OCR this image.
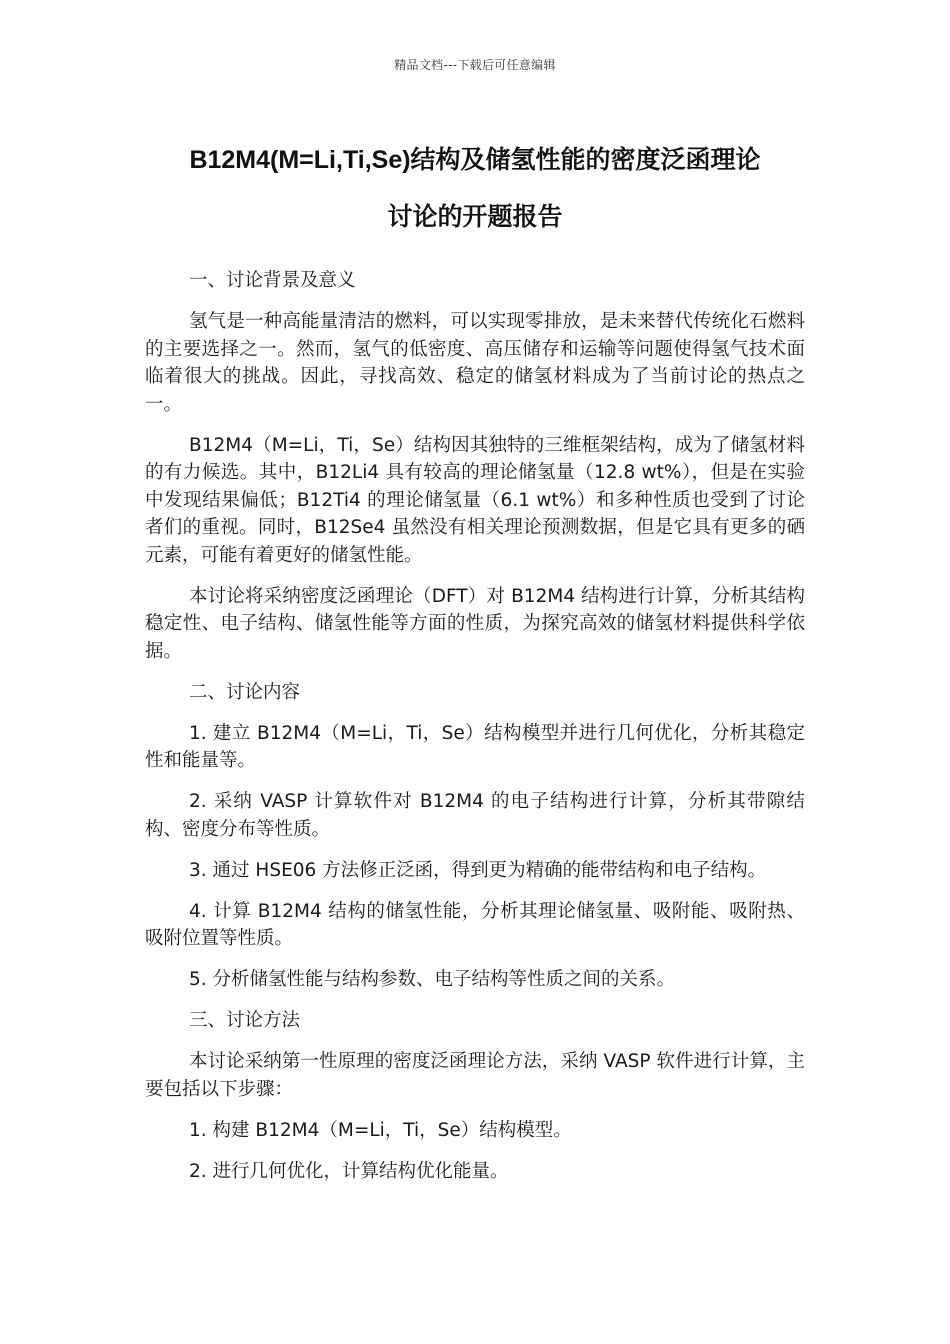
精品文档---下载后可任意编辑
B12M4(M=Li,Ti,Se)结构及储氢性能的密度泛函理论
讨论的开题报告

一、讨论背景及意义

氢气是一种高能量清洁的燃料，可以实现零排放，是未来替代传统化石燃料的主要选择之一。然而，氢气的低密度、高压储存和运输等问题使得氢气技术面临着很大的挑战。因此，寻找高效、稳定的储氢材料成为了当前讨论的热点之一。

B12M4（M=Li，Ti，Se）结构因其独特的三维框架结构，成为了储氢材料的有力候选。其中，B12Li4 具有较高的理论储氢量（12.8 wt%），但是在实验中发现结果偏低；B12Ti4 的理论储氢量（6.1 wt%）和多种性质也受到了讨论者们的重视。同时，B12Se4 虽然没有相关理论预测数据，但是它具有更多的硒元素，可能有着更好的储氢性能。

本讨论将采纳密度泛函理论（DFT）对 B12M4 结构进行计算，分析其结构稳定性、电子结构、储氢性能等方面的性质，为探究高效的储氢材料提供科学依据。

二、讨论内容

1. 建立 B12M4（M=Li，Ti，Se）结构模型并进行几何优化，分析其稳定性和能量等。

2. 采纳 VASP 计算软件对 B12M4 的电子结构进行计算，分析其带隙结构、密度分布等性质。

3. 通过 HSE06 方法修正泛函，得到更为精确的能带结构和电子结构。

4. 计算 B12M4 结构的储氢性能，分析其理论储氢量、吸附能、吸附热、吸附位置等性质。

5. 分析储氢性能与结构参数、电子结构等性质之间的关系。

三、讨论方法

本讨论采纳第一性原理的密度泛函理论方法，采纳 VASP 软件进行计算，主要包括以下步骤：

1. 构建 B12M4（M=Li，Ti，Se）结构模型。

2. 进行几何优化，计算结构优化能量。
